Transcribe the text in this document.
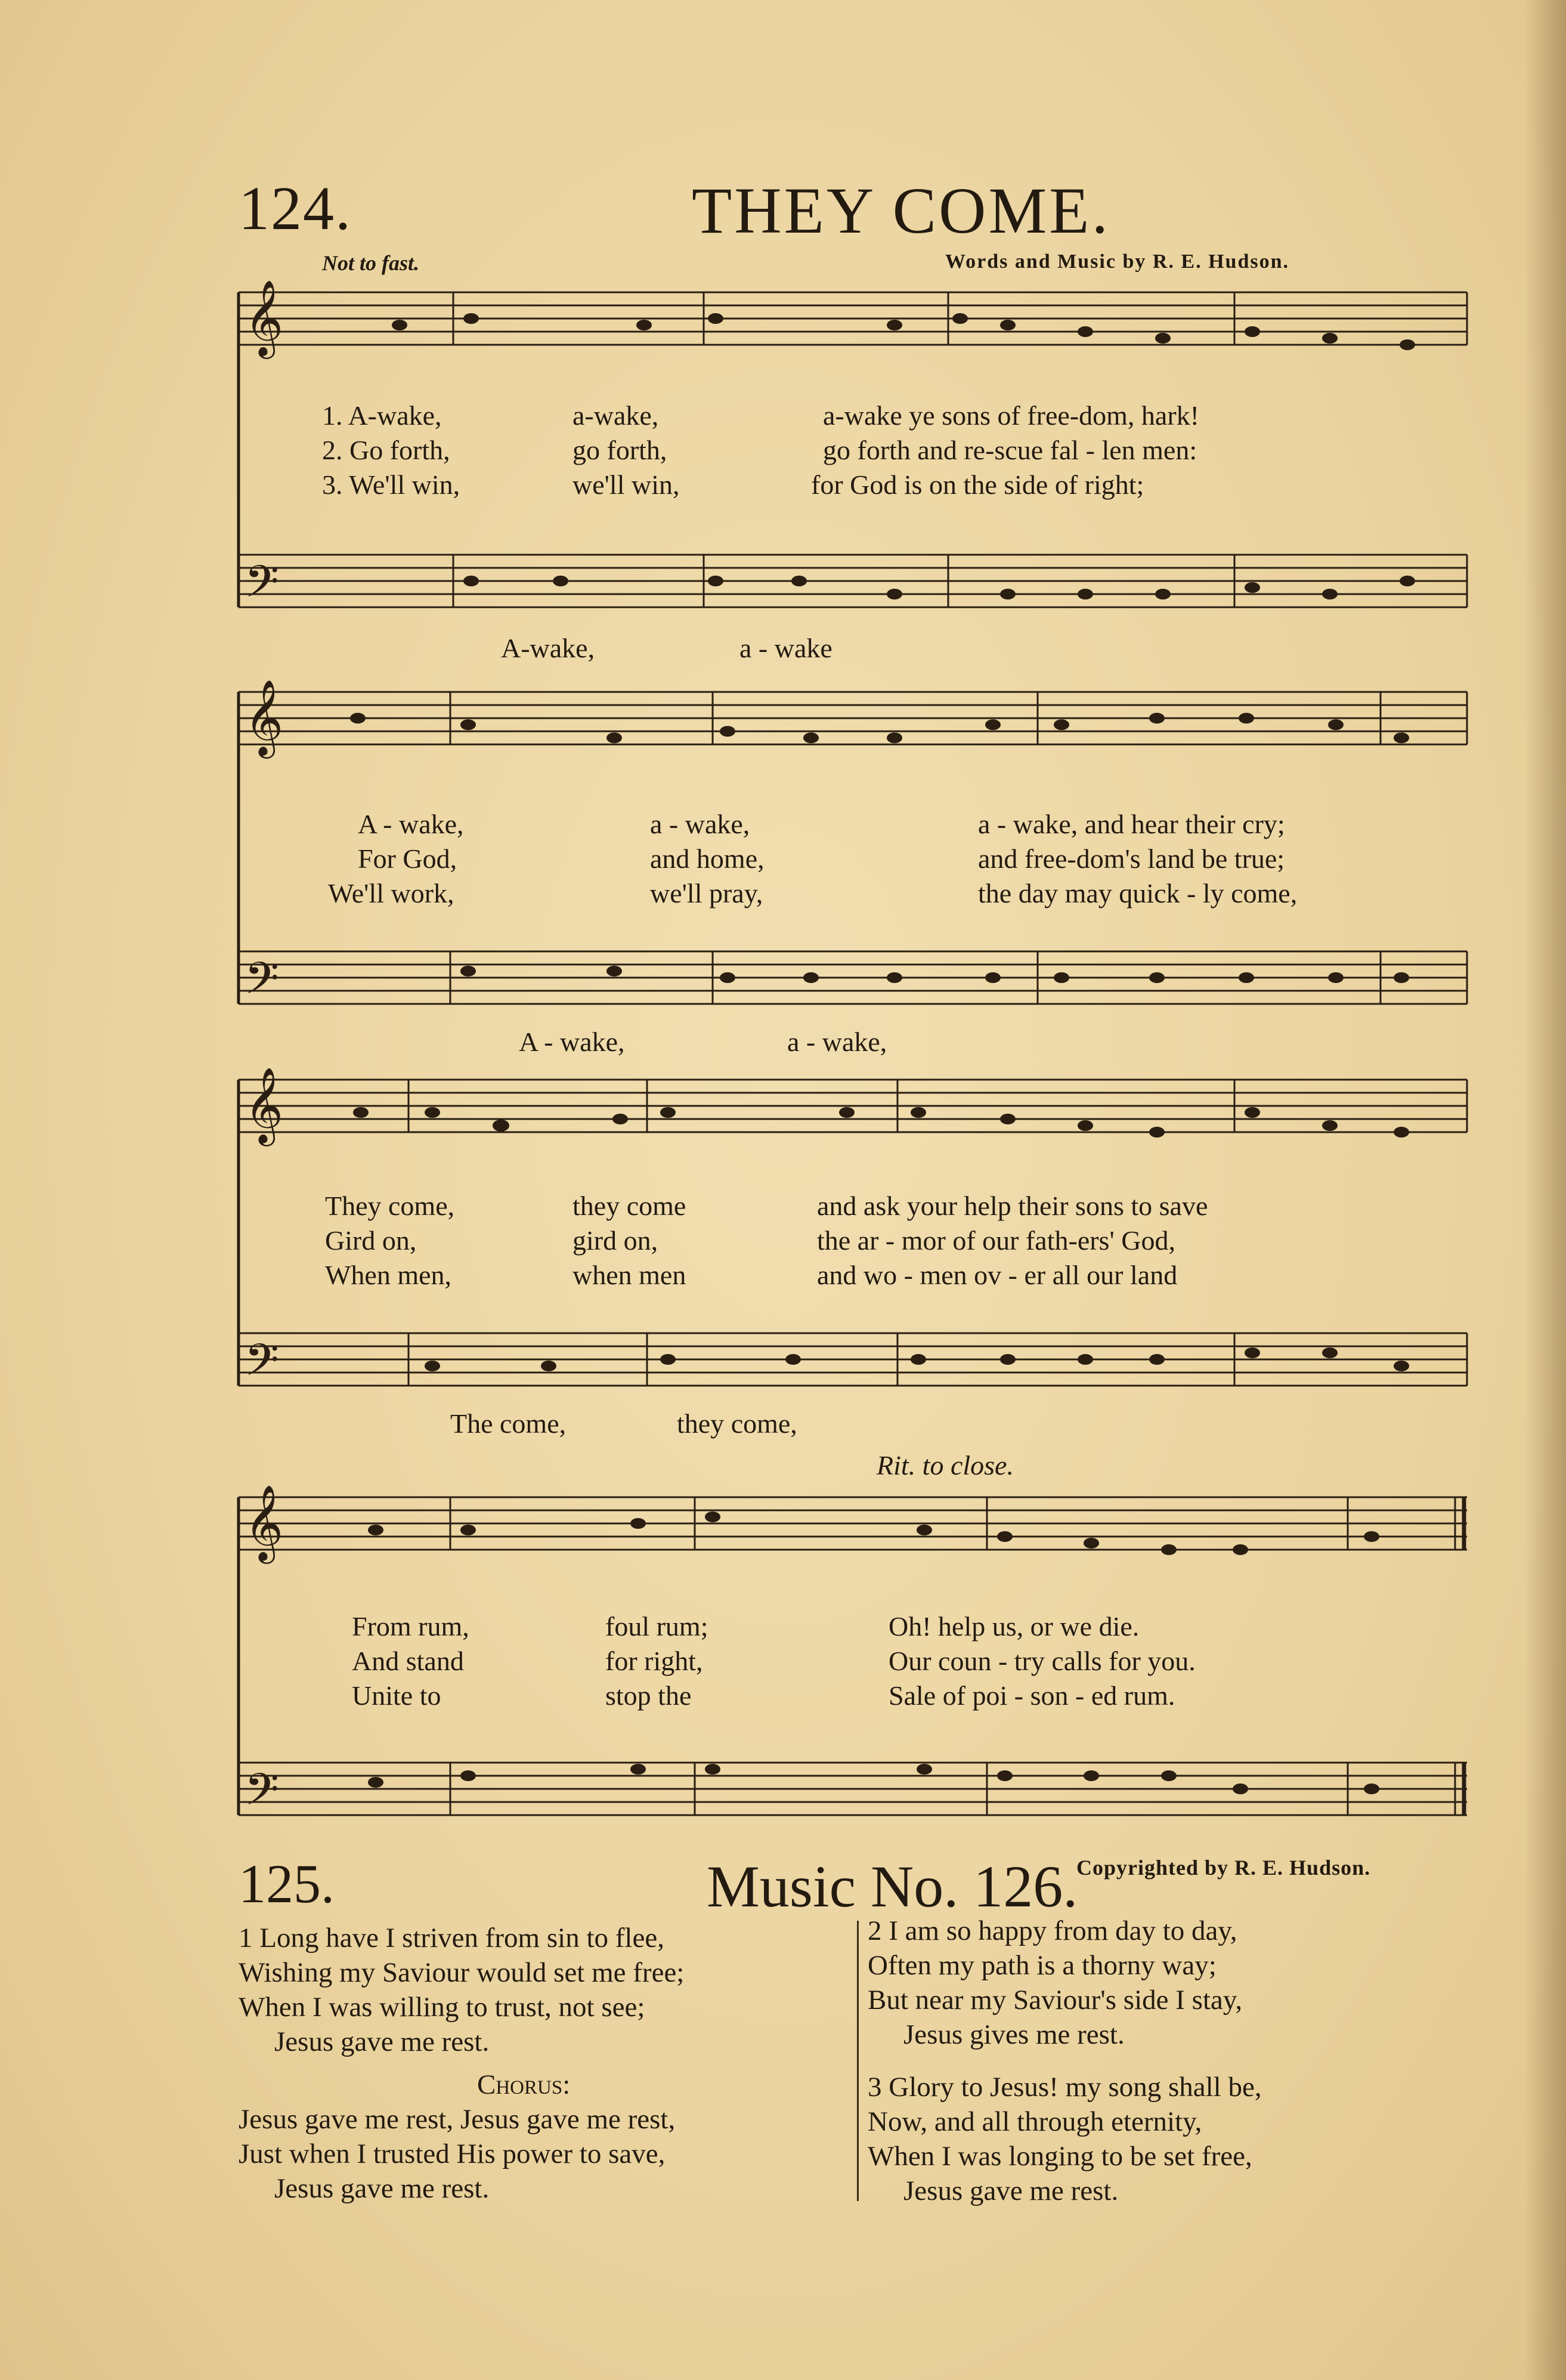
124.	THEY COME.
Not to fast.	Words and Music by R. E. Hudson.
𝄞
𝄢
1. A-wake,	a-wake,	a-wake ye sons of free-dom, hark!
2. Go forth,	go forth,	go forth and re-scue fal - len men:
3. We'll win,	we'll win,	for God is on the side of right;
A-wake,	a - wake
𝄞
𝄢
A - wake,	a - wake,	a - wake, and hear their cry;
For God,	and home,	and free-dom's land be true;
We'll work,	we'll pray,	the day may quick - ly come,
A - wake,	a - wake,
𝄞
𝄢
They come,	they come	and ask your help their sons to save
Gird on,	gird on,	the ar - mor of our fath-ers' God,
When men,	when men	and wo - men ov - er all our land
The come,	they come,
Rit. to close.
𝄞
𝄢
From rum,	foul rum;	Oh! help us, or we die.
And stand	for right,	Our coun - try calls for you.
Unite to	stop the	Sale of poi - son - ed rum.
125.	Music No. 126.
Copyrighted by R. E. Hudson.
1 Long have I striven from sin to flee,
Wishing my Saviour would set me free;
When I was willing to trust, not see;
Jesus gave me rest.
Chorus:
Jesus gave me rest, Jesus gave me rest,
Just when I trusted His power to save,
Jesus gave me rest.
2 I am so happy from day to day,
Often my path is a thorny way;
But near my Saviour's side I stay,
Jesus gives me rest.
3 Glory to Jesus! my song shall be,
Now, and all through eternity,
When I was longing to be set free,
Jesus gave me rest.
